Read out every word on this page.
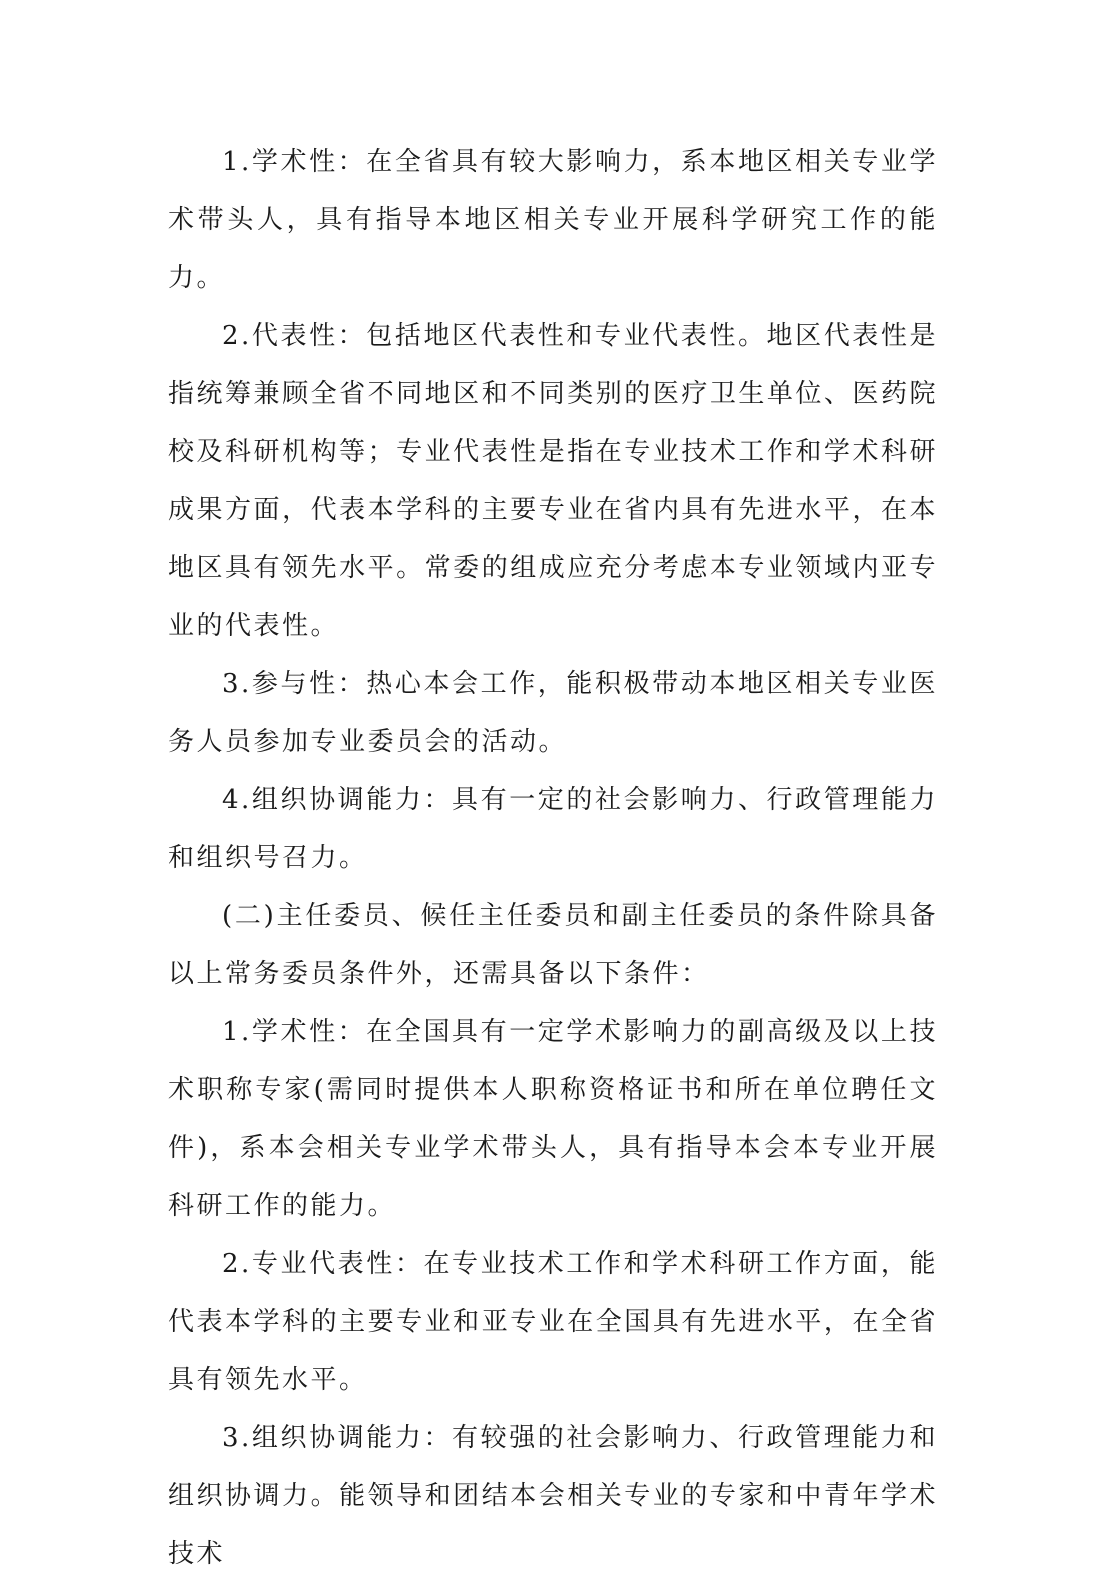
1.学术性：在全省具有较大影响力，系本地区相关专业学术带头人，具有指导本地区相关专业开展科学研究工作的能力。

2.代表性：包括地区代表性和专业代表性。地区代表性是指统筹兼顾全省不同地区和不同类别的医疗卫生单位、医药院校及科研机构等；专业代表性是指在专业技术工作和学术科研成果方面，代表本学科的主要专业在省内具有先进水平，在本地区具有领先水平。常委的组成应充分考虑本专业领域内亚专业的代表性。

3.参与性：热心本会工作，能积极带动本地区相关专业医务人员参加专业委员会的活动。

4.组织协调能力：具有一定的社会影响力、行政管理能力和组织号召力。

(二)主任委员、候任主任委员和副主任委员的条件除具备以上常务委员条件外，还需具备以下条件：

1.学术性：在全国具有一定学术影响力的副高级及以上技术职称专家(需同时提供本人职称资格证书和所在单位聘任文件)，系本会相关专业学术带头人，具有指导本会本专业开展科研工作的能力。

2.专业代表性：在专业技术工作和学术科研工作方面，能代表本学科的主要专业和亚专业在全国具有先进水平，在全省具有领先水平。

3.组织协调能力：有较强的社会影响力、行政管理能力和组织协调力。能领导和团结本会相关专业的专家和中青年学术技术
